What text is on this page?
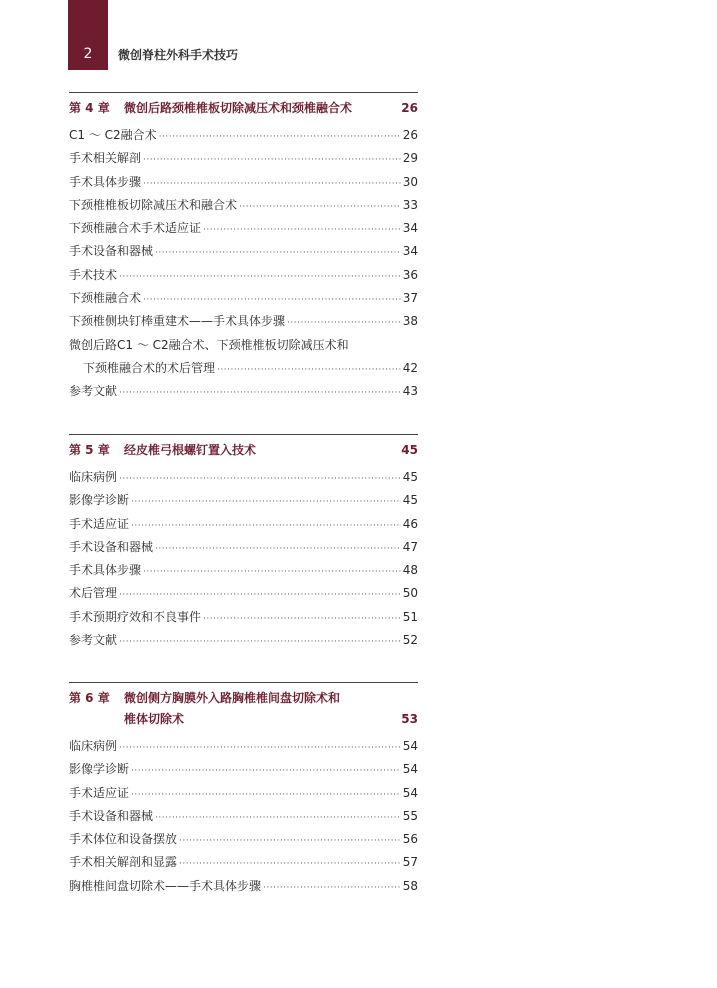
2	微创脊柱外科手术技巧
第 4 章	微创后路颈椎椎板切除减压术和颈椎融合术	26
C1 ～ C2融合术 ·····	26
手术相关解剖 ·····	29
手术具体步骤 ·····	30
下颈椎椎板切除减压术和融合术 ·····	33
下颈椎融合术手术适应证 ·····	34
手术设备和器械 ·····	34
手术技术 ·····	36
下颈椎融合术 ·····	37
下颈椎侧块钉棒重建术——手术具体步骤 ·····	38
微创后路C1 ～ C2融合术、下颈椎椎板切除减压术和
下颈椎融合术的术后管理 ·····	42
参考文献 ·····	43
第 5 章	经皮椎弓根螺钉置入技术	45
临床病例 ·····	45
影像学诊断 ·····	45
手术适应证 ·····	46
手术设备和器械 ·····	47
手术具体步骤 ·····	48
术后管理 ·····	50
手术预期疗效和不良事件 ·····	51
参考文献 ·····	52
第 6 章	微创侧方胸膜外入路胸椎椎间盘切除术和
椎体切除术	53
临床病例 ·····	54
影像学诊断 ·····	54
手术适应证 ·····	54
手术设备和器械 ·····	55
手术体位和设备摆放 ·····	56
手术相关解剖和显露 ·····	57
胸椎椎间盘切除术——手术具体步骤 ·····	58
